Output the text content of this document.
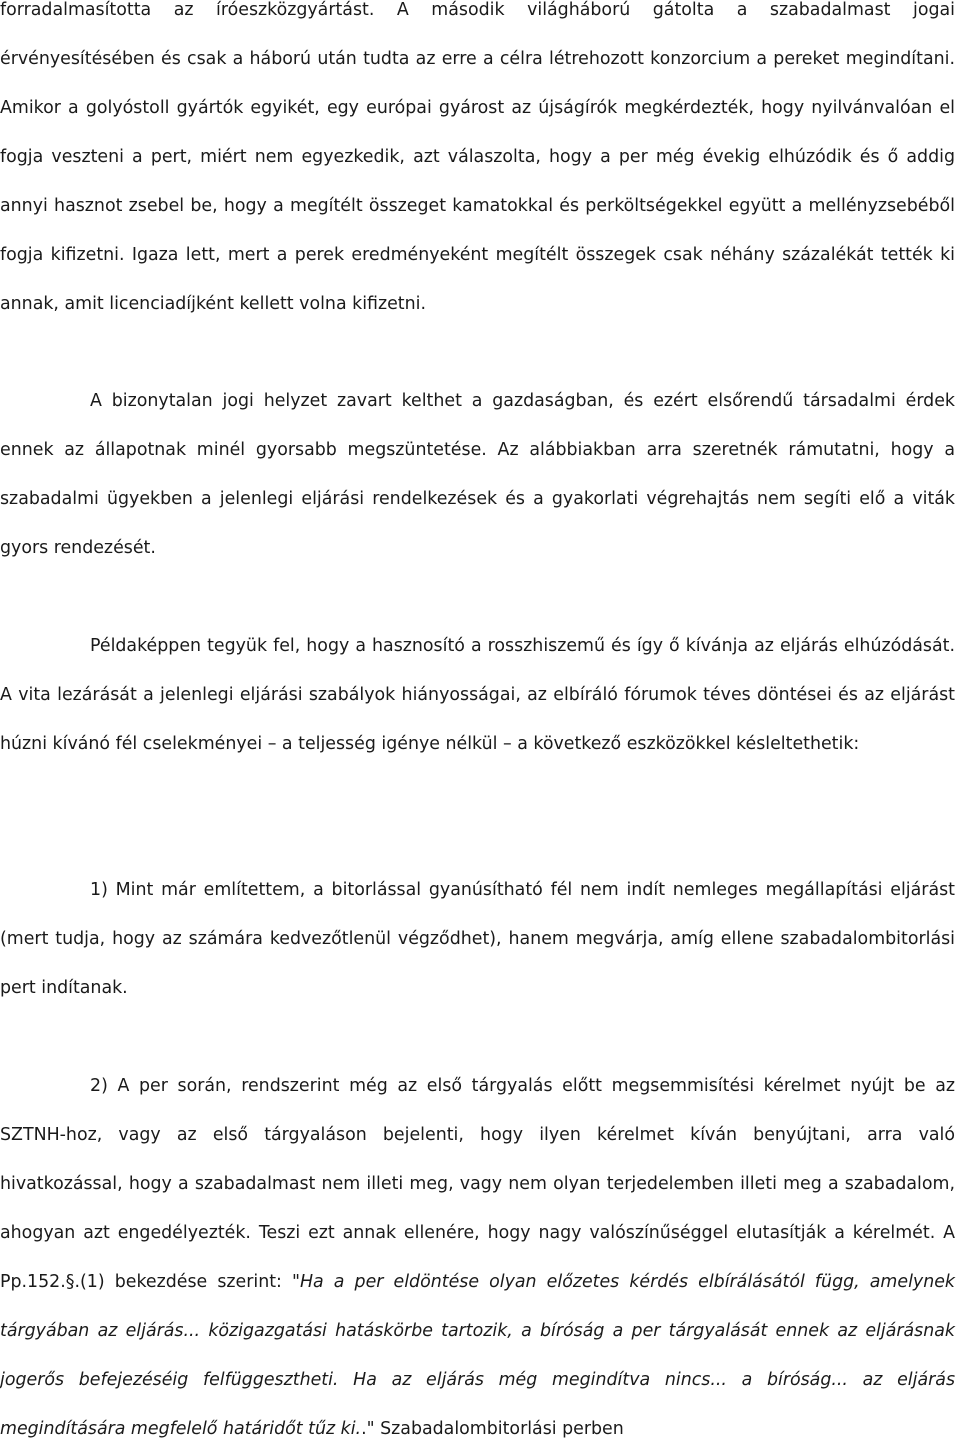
forradalmasította az íróeszközgyártást. A második világháború gátolta a szabadalmast jogai érvényesítésében és csak a háború után tudta az erre a célra létrehozott konzorcium a pereket megindítani. Amikor a golyóstoll gyártók egyikét, egy európai gyárost az újságírók megkérdezték, hogy nyilvánvalóan el fogja veszteni a pert, miért nem egyezkedik, azt válaszolta, hogy a per még évekig elhúzódik és ő addig annyi hasznot zsebel be, hogy a megítélt összeget kamatokkal és perköltségekkel együtt a mellényzsebéből fogja kifizetni. Igaza lett, mert a perek eredményeként megítélt összegek csak néhány százalékát tették ki annak, amit licenciadíjként kellett volna kifizetni.

A bizonytalan jogi helyzet zavart kelthet a gazdaságban, és ezért elsőrendű társadalmi érdek ennek az állapotnak minél gyorsabb megszüntetése. Az alábbiakban arra szeretnék rámutatni, hogy a szabadalmi ügyekben a jelenlegi eljárási rendelkezések és a gyakorlati végrehajtás nem segíti elő a viták gyors rendezését.

Példaképpen tegyük fel, hogy a hasznosító a rosszhiszemű és így ő kívánja az eljárás elhúzódását. A vita lezárását a jelenlegi eljárási szabályok hiányosságai, az elbíráló fórumok téves döntései és az eljárást húzni kívánó fél cselekményei – a teljesség igénye nélkül – a következő eszközökkel késleltethetik:

1) Mint már említettem, a bitorlással gyanúsítható fél nem indít nemleges megállapítási eljárást (mert tudja, hogy az számára kedvezőtlenül végződhet), hanem megvárja, amíg ellene szabadalombitorlási pert indítanak.

2) A per során, rendszerint még az első tárgyalás előtt megsemmisítési kérelmet nyújt be az SZTNH-hoz, vagy az első tárgyaláson bejelenti, hogy ilyen kérelmet kíván benyújtani, arra való hivatkozással, hogy a szabadalmast nem illeti meg, vagy nem olyan terjedelemben illeti meg a szabadalom, ahogyan azt engedélyezték. Teszi ezt annak ellenére, hogy nagy valószínűséggel elutasítják a kérelmét. A Pp.152.§.(1) bekezdése szerint: "Ha a per eldöntése olyan előzetes kérdés elbírálásától függ, amelynek tárgyában az eljárás... közigazgatási hatáskörbe tartozik, a bíróság a per tárgyalását ennek az eljárásnak jogerős befejezéséig felfüggesztheti. Ha az eljárás még megindítva nincs... a bíróság... az eljárás megindítására megfelelő határidőt tűz ki.." Szabadalombitorlási perben
